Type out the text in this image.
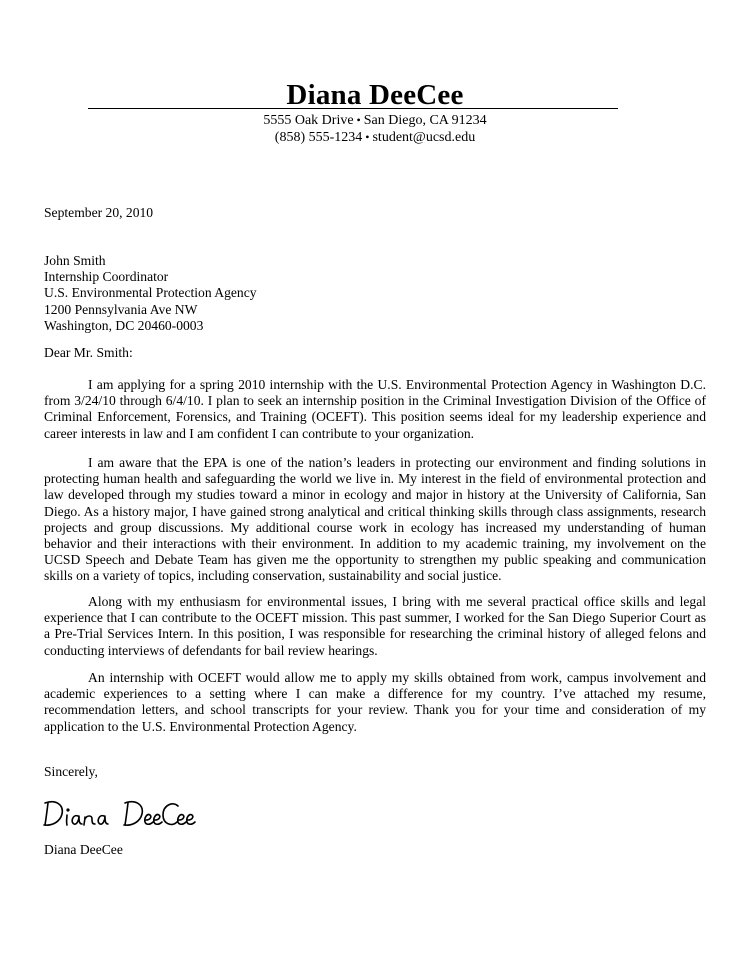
Diana DeeCee
5555 Oak Drive • San Diego, CA 91234
(858) 555-1234 • student@ucsd.edu
September 20, 2010
John Smith
Internship Coordinator
U.S. Environmental Protection Agency
1200 Pennsylvania Ave NW
Washington, DC 20460-0003
Dear Mr. Smith:
I am applying for a spring 2010 internship with the U.S. Environmental Protection Agency in Washington D.C. from 3/24/10 through 6/4/10. I plan to seek an internship position in the Criminal Investigation Division of the Office of Criminal Enforcement, Forensics, and Training (OCEFT). This position seems ideal for my leadership experience and career interests in law and I am confident I can contribute to your organization.
I am aware that the EPA is one of the nation’s leaders in protecting our environment and finding solutions in protecting human health and safeguarding the world we live in. My interest in the field of environmental protection and law developed through my studies toward a minor in ecology and major in history at the University of California, San Diego. As a history major, I have gained strong analytical and critical thinking skills through class assignments, research projects and group discussions. My additional course work in ecology has increased my understanding of human behavior and their interactions with their environment. In addition to my academic training, my involvement on the UCSD Speech and Debate Team has given me the opportunity to strengthen my public speaking and communication skills on a variety of topics, including conservation, sustainability and social justice.
Along with my enthusiasm for environmental issues, I bring with me several practical office skills and legal experience that I can contribute to the OCEFT mission. This past summer, I worked for the San Diego Superior Court as a Pre-Trial Services Intern. In this position, I was responsible for researching the criminal history of alleged felons and conducting interviews of defendants for bail review hearings.
An internship with OCEFT would allow me to apply my skills obtained from work, campus involvement and academic experiences to a setting where I can make a difference for my country. I’ve attached my resume, recommendation letters, and school transcripts for your review. Thank you for your time and consideration of my application to the U.S. Environmental Protection Agency.
Sincerely,
Diana DeeCee
